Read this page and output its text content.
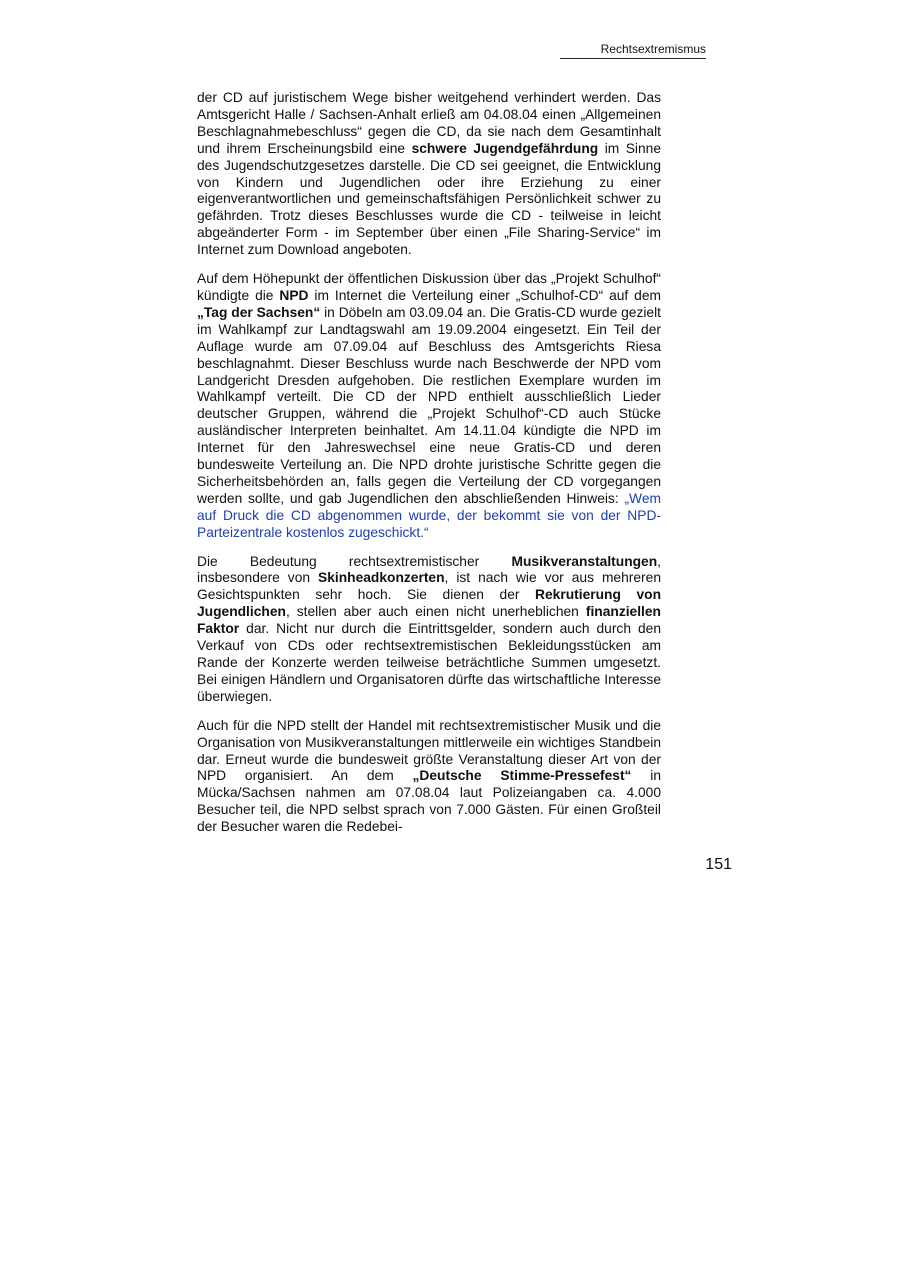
Rechtsextremismus

der CD auf juristischem Wege bisher weitgehend verhindert werden. Das Amtsgericht Halle / Sachsen-Anhalt erließ am 04.08.04 einen „Allgemeinen Beschlagnahmebeschluss“ gegen die CD, da sie nach dem Gesamtinhalt und ihrem Erscheinungsbild eine schwere Jugendgefährdung im Sinne des Jugendschutzgesetzes darstelle. Die CD sei geeignet, die Entwicklung von Kindern und Jugendlichen oder ihre Erziehung zu einer eigenverantwortlichen und gemeinschaftsfähigen Persönlichkeit schwer zu gefährden. Trotz dieses Beschlusses wurde die CD - teilweise in leicht abgeänderter Form - im September über einen „File Sharing-Service“ im Internet zum Download angeboten.

Auf dem Höhepunkt der öffentlichen Diskussion über das „Projekt Schulhof“ kündigte die NPD im Internet die Verteilung einer „Schulhof-CD“ auf dem „Tag der Sachsen“ in Döbeln am 03.09.04 an. Die Gratis-CD wurde gezielt im Wahlkampf zur Landtagswahl am 19.09.2004 eingesetzt. Ein Teil der Auflage wurde am 07.09.04 auf Beschluss des Amtsgerichts Riesa beschlagnahmt. Dieser Beschluss wurde nach Beschwerde der NPD vom Landgericht Dresden aufgehoben. Die restlichen Exemplare wurden im Wahlkampf verteilt. Die CD der NPD enthielt ausschließlich Lieder deutscher Gruppen, während die „Projekt Schulhof“-CD auch Stücke ausländischer Interpreten beinhaltet. Am 14.11.04 kündigte die NPD im Internet für den Jahreswechsel eine neue Gratis-CD und deren bundesweite Verteilung an. Die NPD drohte juristische Schritte gegen die Sicherheitsbehörden an, falls gegen die Verteilung der CD vorgegangen werden sollte, und gab Jugendlichen den abschließenden Hinweis: „Wem auf Druck die CD abgenommen wurde, der bekommt sie von der NPD-Parteizentrale kostenlos zugeschickt.“

Die Bedeutung rechtsextremistischer Musikveranstaltungen, insbesondere von Skinheadkonzerten, ist nach wie vor aus mehreren Gesichtspunkten sehr hoch. Sie dienen der Rekrutierung von Jugendlichen, stellen aber auch einen nicht unerheblichen finanziellen Faktor dar. Nicht nur durch die Eintrittsgelder, sondern auch durch den Verkauf von CDs oder rechtsextremistischen Bekleidungsstücken am Rande der Konzerte werden teilweise beträchtliche Summen umgesetzt. Bei einigen Händlern und Organisatoren dürfte das wirtschaftliche Interesse überwiegen.

Auch für die NPD stellt der Handel mit rechtsextremistischer Musik und die Organisation von Musikveranstaltungen mittlerweile ein wichtiges Standbein dar. Erneut wurde die bundesweit größte Veranstaltung dieser Art von der NPD organisiert. An dem „Deutsche Stimme-Pressefest“ in Mücka/Sachsen nahmen am 07.08.04 laut Polizeiangaben ca. 4.000 Besucher teil, die NPD selbst sprach von 7.000 Gästen. Für einen Großteil der Besucher waren die Redebei-

151
